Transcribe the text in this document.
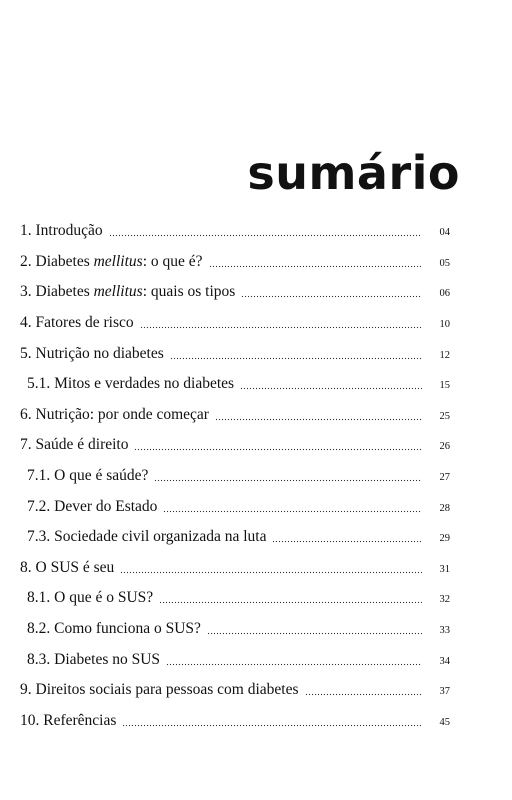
sumário
1. Introdução	04
2. Diabetes mellitus: o que é?	05
3. Diabetes mellitus: quais os tipos	06
4. Fatores de risco	10
5. Nutrição no diabetes	12
5.1. Mitos e verdades no diabetes	15
6. Nutrição: por onde começar	25
7. Saúde é direito	26
7.1. O que é saúde?	27
7.2. Dever do Estado	28
7.3. Sociedade civil organizada na luta	29
8. O SUS é seu	31
8.1. O que é o SUS?	32
8.2. Como funciona o SUS?	33
8.3. Diabetes no SUS	34
9. Direitos sociais para pessoas com diabetes	37
10. Referências	45
